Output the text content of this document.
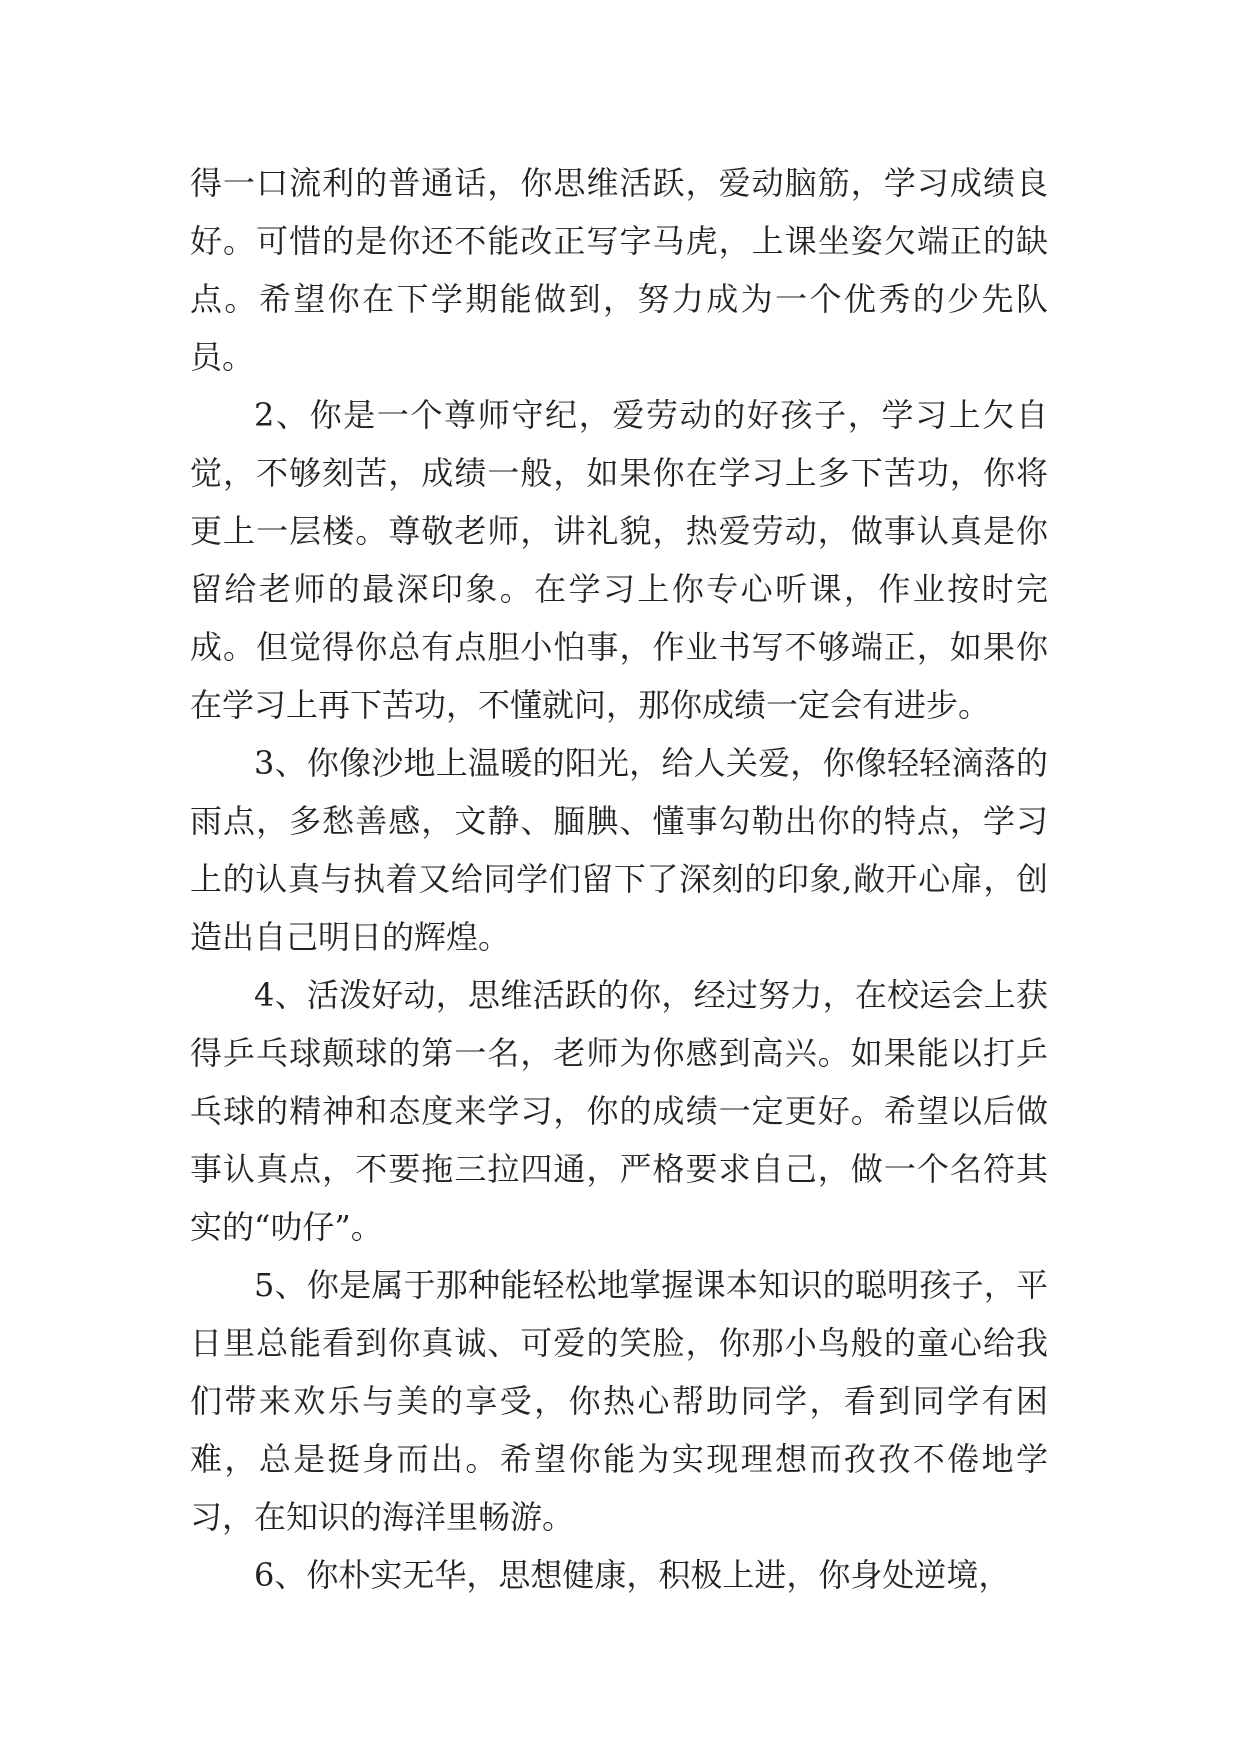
得一口流利的普通话，你思维活跃，爱动脑筋，学习成绩良好。可惜的是你还不能改正写字马虎，上课坐姿欠端正的缺点。希望你在下学期能做到，努力成为一个优秀的少先队员。

2、你是一个尊师守纪，爱劳动的好孩子，学习上欠自觉，不够刻苦，成绩一般，如果你在学习上多下苦功，你将更上一层楼。尊敬老师，讲礼貌，热爱劳动，做事认真是你留给老师的最深印象。在学习上你专心听课，作业按时完成。但觉得你总有点胆小怕事，作业书写不够端正，如果你在学习上再下苦功，不懂就问，那你成绩一定会有进步。

3、你像沙地上温暖的阳光，给人关爱，你像轻轻滴落的雨点，多愁善感，文静、腼腆、懂事勾勒出你的特点，学习上的认真与执着又给同学们留下了深刻的印象,敞开心扉，创造出自己明日的辉煌。

4、活泼好动，思维活跃的你，经过努力，在校运会上获得乒乓球颠球的第一名，老师为你感到高兴。如果能以打乒乓球的精神和态度来学习，你的成绩一定更好。希望以后做事认真点，不要拖三拉四通，严格要求自己，做一个名符其实的“叻仔”。

5、你是属于那种能轻松地掌握课本知识的聪明孩子，平日里总能看到你真诚、可爱的笑脸，你那小鸟般的童心给我们带来欢乐与美的享受，你热心帮助同学，看到同学有困难，总是挺身而出。希望你能为实现理想而孜孜不倦地学习，在知识的海洋里畅游。

6、你朴实无华，思想健康，积极上进，你身处逆境，
